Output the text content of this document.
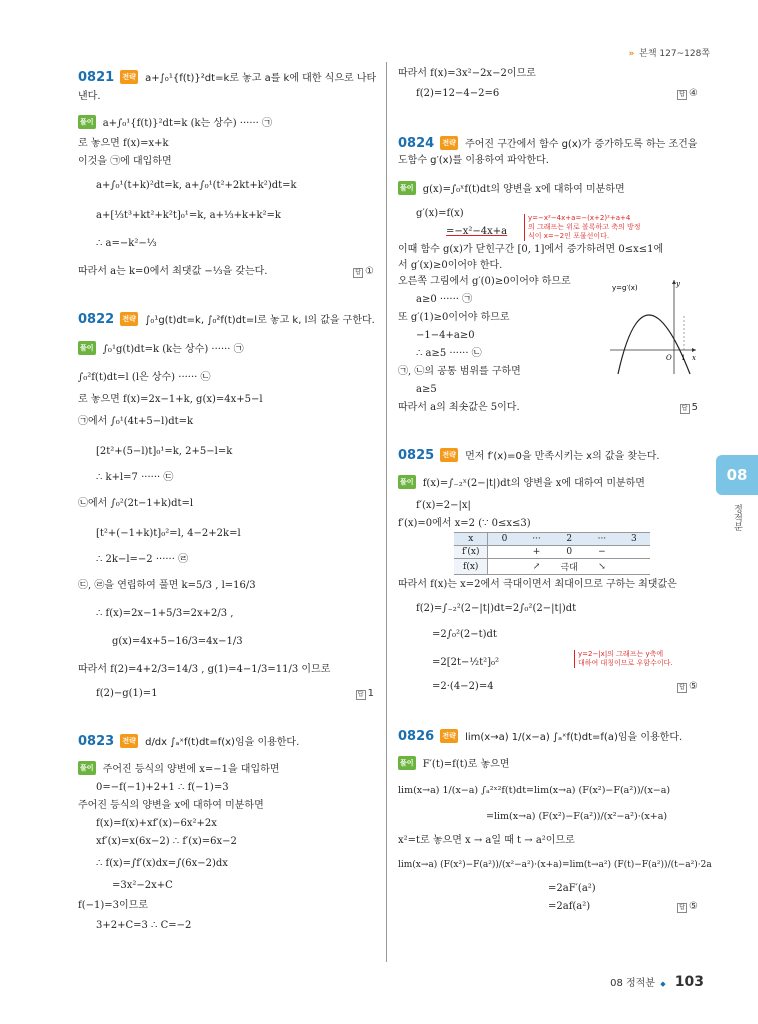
» 본책 127~128쪽
0821 전략 a+∫₀¹{f(t)}²dt=k로 놓고 a를 k에 대한 식으로 나타
낸다.
풀이 a+∫₀¹{f(t)}²dt=k (k는 상수) ······ ㉠
로 놓으면 f(x)=x+k
이것을 ㉠에 대입하면
a+∫₀¹(t+k)²dt=k, a+∫₀¹(t²+2kt+k²)dt=k
a+[⅓t³+kt²+k²t]₀¹=k, a+⅓+k+k²=k
∴ a=−k²−⅓
따라서 a는 k=0에서 최댓값 −⅓을 갖는다.	답 ①
0822 전략 ∫₀¹g(t)dt=k, ∫₀²f(t)dt=l로 놓고 k, l의 값을 구한다.
풀이 ∫₀¹g(t)dt=k (k는 상수) ······ ㉠
∫₀²f(t)dt=l (l은 상수) ······ ㉡
로 놓으면 f(x)=2x−1+k, g(x)=4x+5−l
㉠에서 ∫₀¹(4t+5−l)dt=k
[2t²+(5−l)t]₀¹=k, 2+5−l=k
∴ k+l=7 ······ ㉢
㉡에서 ∫₀²(2t−1+k)dt=l
[t²+(−1+k)t]₀²=l, 4−2+2k=l
∴ 2k−l=−2 ······ ㉣
㉢, ㉣을 연립하여 풀면 k=5/3 , l=16/3
∴ f(x)=2x−1+5/3=2x+2/3 ,
g(x)=4x+5−16/3=4x−1/3
따라서 f(2)=4+2/3=14/3 , g(1)=4−1/3=11/3 이므로
f(2)−g(1)=1	답 1
0823 전략 d/dx ∫ₐˣf(t)dt=f(x)임을 이용한다.
풀이 주어진 등식의 양변에 x=−1을 대입하면
0=−f(−1)+2+1 ∴ f(−1)=3
주어진 등식의 양변을 x에 대하여 미분하면
f(x)=f(x)+xf′(x)−6x²+2x
xf′(x)=x(6x−2) ∴ f′(x)=6x−2
∴ f(x)=∫f′(x)dx=∫(6x−2)dx
=3x²−2x+C
f(−1)=3이므로
3+2+C=3 ∴ C=−2
따라서 f(x)=3x²−2x−2이므로
f(2)=12−4−2=6	답 ④
0824 전략 주어진 구간에서 함수 g(x)가 증가하도록 하는 조건을
도함수 g′(x)를 이용하여 파악한다.
풀이 g(x)=∫₀ˣf(t)dt의 양변을 x에 대하여 미분하면
g′(x)=f(x)
=−x²−4x+a
y=−x²−4x+a=−(x+2)²+a+4
의 그래프는 위로 볼록하고 축의 방정
식이 x=−2인 포물선이다.
이때 함수 g(x)가 닫힌구간 [0, 1]에서 증가하려면 0≤x≤1에
서 g′(x)≥0이어야 한다.
오른쪽 그림에서 g′(0)≥0이어야 하므로
a≥0 ······ ㉠
또 g′(1)≥0이어야 하므로
−1−4+a≥0
∴ a≥5 ······ ㉡
㉠, ㉡의 공통 범위를 구하면
a≥5
따라서 a의 최솟값은 5이다.	답 5
y=g′(x)	y
x
O 1
0825 전략 먼저 f′(x)=0을 만족시키는 x의 값을 찾는다.
풀이 f(x)=∫₋₂ˣ(2−|t|)dt의 양변을 x에 대하여 미분하면
f′(x)=2−|x|
f′(x)=0에서 x=2 (∵ 0≤x≤3)
x	0	···	2	···	3
f′(x)		+	0	−	
f(x)		↗	극대	↘	
따라서 f(x)는 x=2에서 극대이면서 최대이므로 구하는 최댓값은
f(2)=∫₋₂²(2−|t|)dt=2∫₀²(2−|t|)dt
y=2−|x|의 그래프는 y축에
대하여 대칭이므로 우함수이다.
=2∫₀²(2−t)dt
=2[2t−½t²]₀²
=2·(4−2)=4	답 ⑤
0826 전략 lim(x→a) 1/(x−a) ∫ₐˣf(t)dt=f(a)임을 이용한다.
풀이 F′(t)=f(t)로 놓으면
lim(x→a) 1/(x−a) ∫ₐ²ˣ²f(t)dt=lim(x→a) (F(x²)−F(a²))/(x−a)
=lim(x→a) (F(x²)−F(a²))/(x²−a²)·(x+a)
x²=t로 놓으면 x → a일 때 t → a²이므로
lim(x→a) (F(x²)−F(a²))/(x²−a²)·(x+a)=lim(t→a²) (F(t)−F(a²))/(t−a²)·2a
=2aF′(a²)
=2af(a²)	답 ⑤
08
정적분
08 정적분 ◆ 103
